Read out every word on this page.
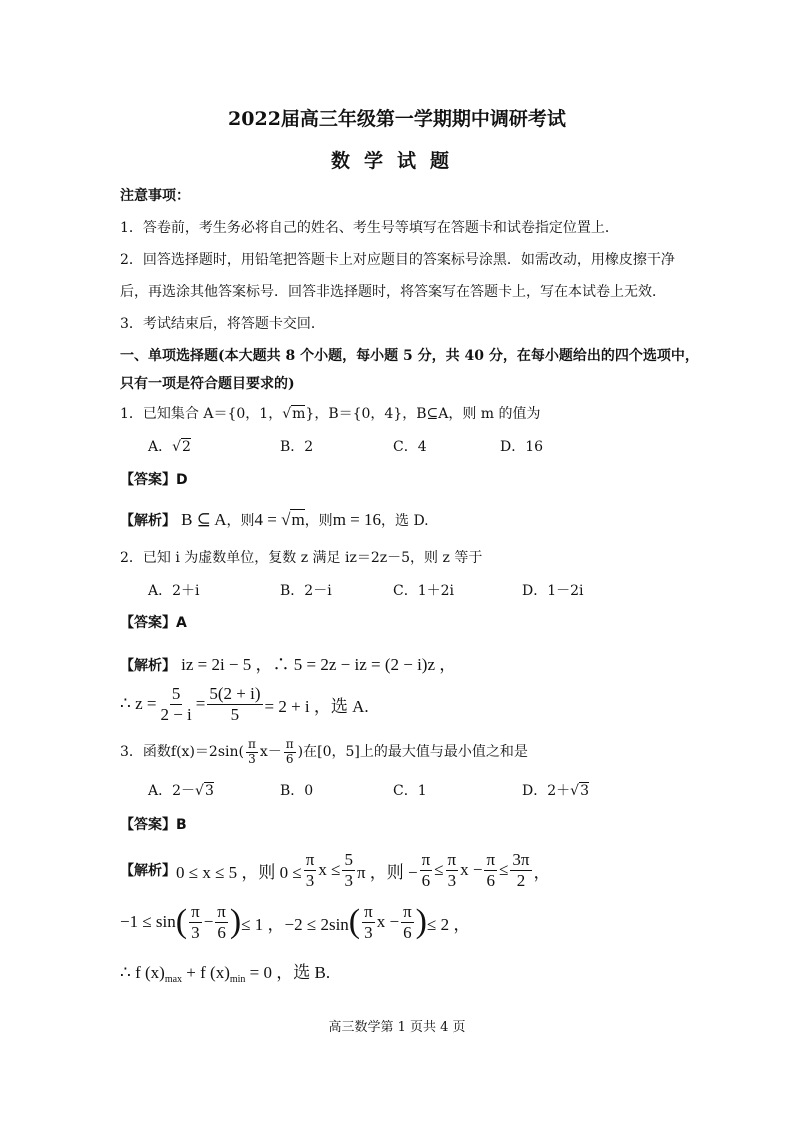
2022届高三年级第一学期期中调研考试
数学试题
注意事项：
1．答卷前，考生务必将自己的姓名、考生号等填写在答题卡和试卷指定位置上．
2．回答选择题时，用铅笔把答题卡上对应题目的答案标号涂黑．如需改动，用橡皮擦干净
后，再选涂其他答案标号．回答非选择题时，将答案写在答题卡上，写在本试卷上无效．
3．考试结束后，将答题卡交回．
一、单项选择题(本大题共 8 个小题，每小题 5 分，共 40 分，在每小题给出的四个选项中，
只有一项是符合题目要求的)
1．已知集合 A＝{0，1，√m}，B＝{0，4}，B⊆A，则 m 的值为
A．√2	B．2	C．4	D．16
【答案】D
【解析】 B ⊆ A，则4 = √m，则m = 16，选 D.
2．已知 i 为虚数单位，复数 z 满足 iz＝2z－5，则 z 等于
A．2＋i	B．2－i	C．1＋2i	D．1－2i
【答案】A
【解析】 iz = 2i − 5 ，∴ 5 = 2z − iz = (2 − i)z ，
∴ $z = \frac{5}{2 - i} = \frac{5(2 + i)}{5} = 2 + i$ ，选 A.
3．函数$f(x)=2\sin( \frac{\pi}{3} x- \frac{\pi}{6}$ )在[0，5]上的最大值与最小值之和是
A．2－√3	B．0	C．1	D．2＋√3
【答案】B
【解析】 0 ≤ x ≤ 5 ，则 $0 \le \frac{\pi}{3}$ $x \le \frac{5}{3}$ π ，则 − $\frac{\pi}{6} \le \frac{\pi}{3}$ $x - \frac{\pi}{6} \le \frac{3\pi}{2}$ ，
−1 ≤ sin ( $\frac{\pi}{3} - \frac{\pi}{6}$ ) ≤ 1 ，−2 ≤ 2sin ( $\frac{\pi}{3}$ $x - \frac{\pi}{6}$ ) ≤ 2 ，
∴ f $(x)_{max} + f$ $(x)_{min} = 0$ ，选 B.
高三数学第 1 页共 4 页
